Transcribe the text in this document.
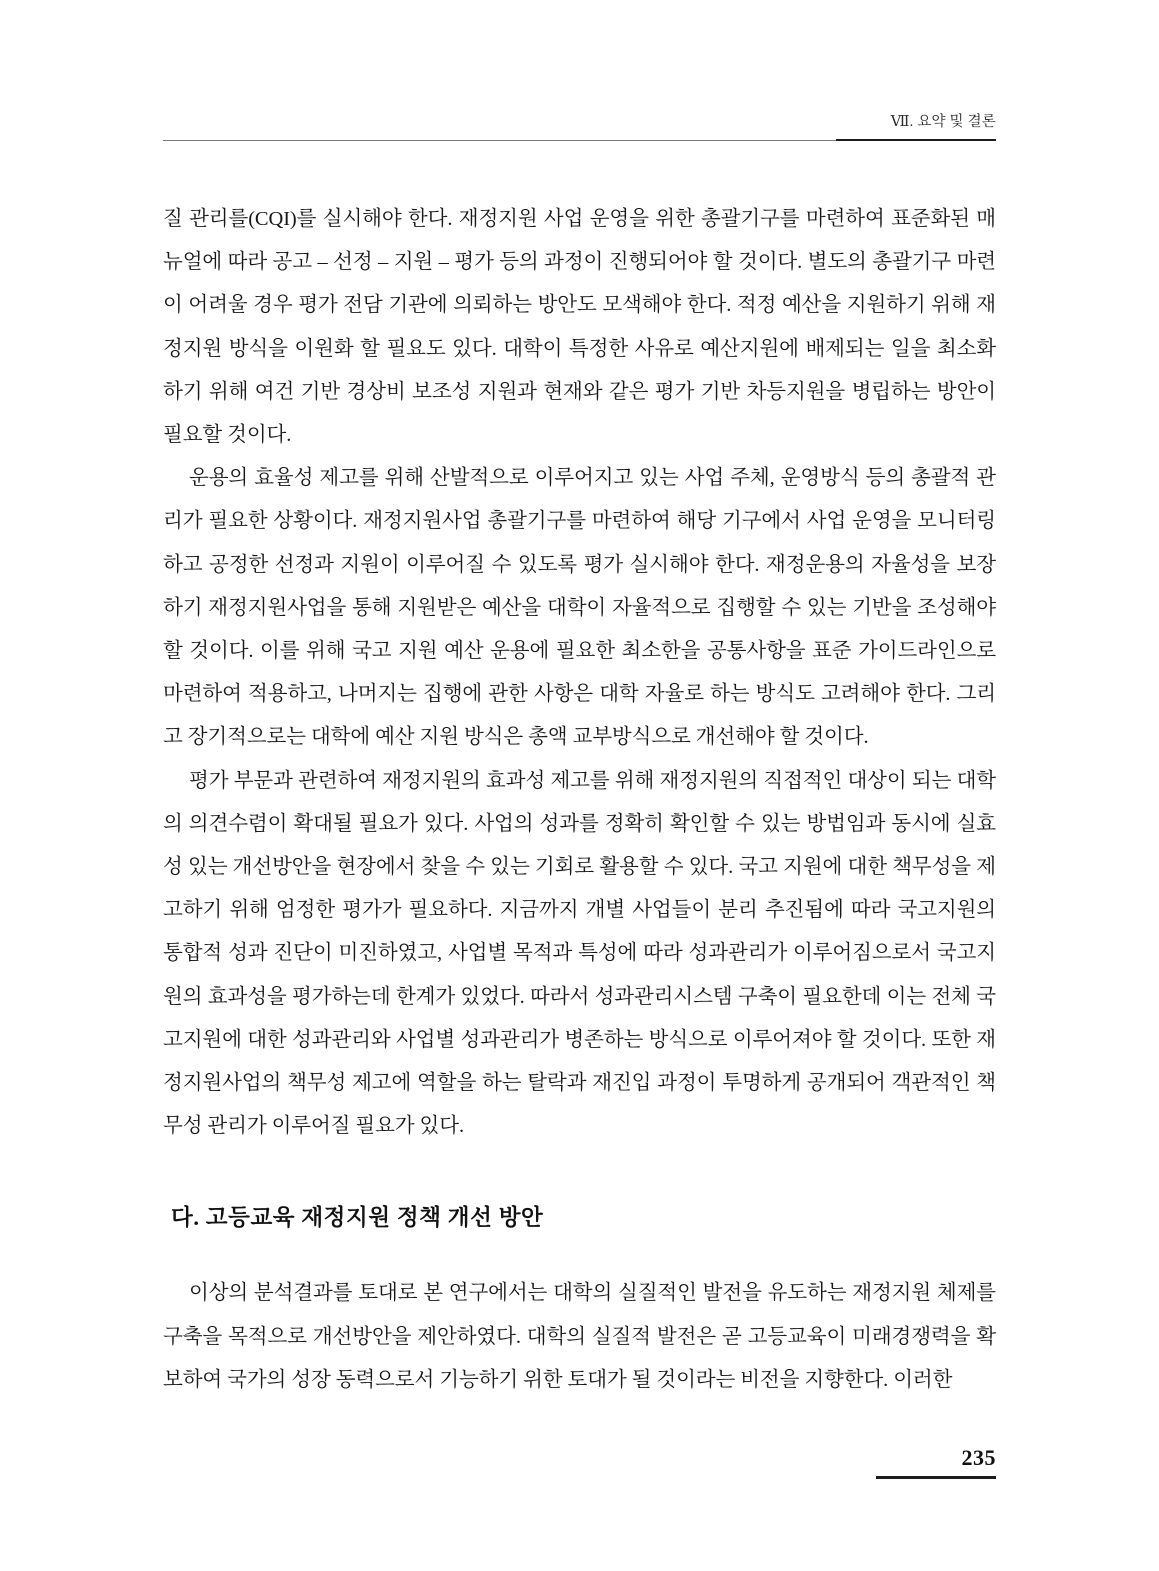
Ⅶ. 요약 및 결론

질 관리를(CQI)를 실시해야 한다. 재정지원 사업 운영을 위한 총괄기구를 마련하여 표준화된 매뉴얼에 따라 공고 – 선정 – 지원 – 평가 등의 과정이 진행되어야 할 것이다. 별도의 총괄기구 마련이 어려울 경우 평가 전담 기관에 의뢰하는 방안도 모색해야 한다. 적정 예산을 지원하기 위해 재정지원 방식을 이원화 할 필요도 있다. 대학이 특정한 사유로 예산지원에 배제되는 일을 최소화하기 위해 여건 기반 경상비 보조성 지원과 현재와 같은 평가 기반 차등지원을 병립하는 방안이 필요할 것이다.

운용의 효율성 제고를 위해 산발적으로 이루어지고 있는 사업 주체, 운영방식 등의 총괄적 관리가 필요한 상황이다. 재정지원사업 총괄기구를 마련하여 해당 기구에서 사업 운영을 모니터링하고 공정한 선정과 지원이 이루어질 수 있도록 평가 실시해야 한다. 재정운용의 자율성을 보장하기 재정지원사업을 통해 지원받은 예산을 대학이 자율적으로 집행할 수 있는 기반을 조성해야 할 것이다. 이를 위해 국고 지원 예산 운용에 필요한 최소한을 공통사항을 표준 가이드라인으로 마련하여 적용하고, 나머지는 집행에 관한 사항은 대학 자율로 하는 방식도 고려해야 한다. 그리고 장기적으로는 대학에 예산 지원 방식은 총액 교부방식으로 개선해야 할 것이다.

평가 부문과 관련하여 재정지원의 효과성 제고를 위해 재정지원의 직접적인 대상이 되는 대학의 의견수렴이 확대될 필요가 있다. 사업의 성과를 정확히 확인할 수 있는 방법임과 동시에 실효성 있는 개선방안을 현장에서 찾을 수 있는 기회로 활용할 수 있다. 국고 지원에 대한 책무성을 제고하기 위해 엄정한 평가가 필요하다. 지금까지 개별 사업들이 분리 추진됨에 따라 국고지원의 통합적 성과 진단이 미진하였고, 사업별 목적과 특성에 따라 성과관리가 이루어짐으로서 국고지원의 효과성을 평가하는데 한계가 있었다. 따라서 성과관리시스템 구축이 필요한데 이는 전체 국고지원에 대한 성과관리와 사업별 성과관리가 병존하는 방식으로 이루어져야 할 것이다. 또한 재정지원사업의 책무성 제고에 역할을 하는 탈락과 재진입 과정이 투명하게 공개되어 객관적인 책무성 관리가 이루어질 필요가 있다.

다. 고등교육 재정지원 정책 개선 방안

이상의 분석결과를 토대로 본 연구에서는 대학의 실질적인 발전을 유도하는 재정지원 체제를 구축을 목적으로 개선방안을 제안하였다. 대학의 실질적 발전은 곧 고등교육이 미래경쟁력을 확보하여 국가의 성장 동력으로서 기능하기 위한 토대가 될 것이라는 비전을 지향한다. 이러한

235
